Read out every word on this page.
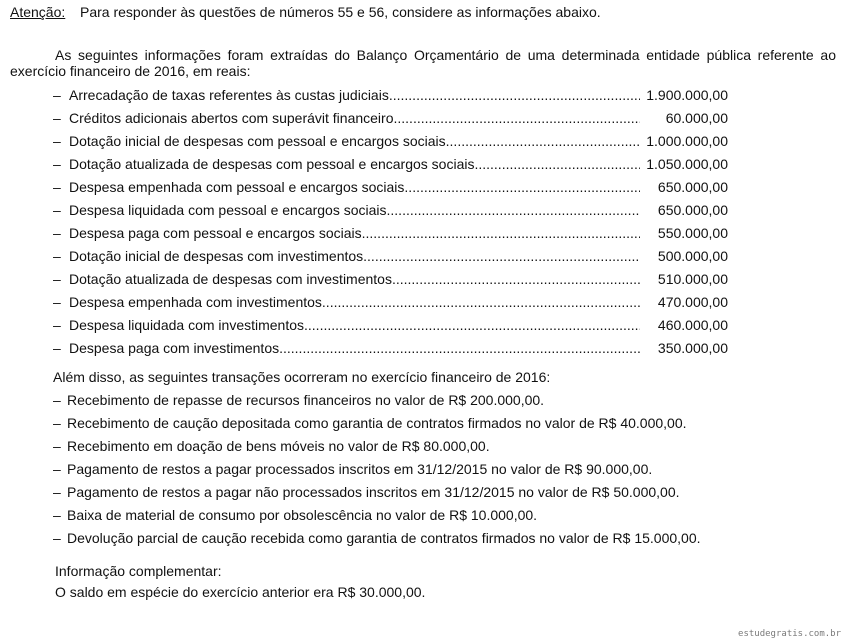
Atenção: Para responder às questões de números 55 e 56, considere as informações abaixo.

As seguintes informações foram extraídas do Balanço Orçamentário de uma determinada entidade pública referente ao

exercício financeiro de 2016, em reais:

– Arrecadação de taxas referentes às custas judiciais .....	1.900.000,00
– Créditos adicionais abertos com superávit financeiro .....	60.000,00
– Dotação inicial de despesas com pessoal e encargos sociais .....	1.000.000,00
– Dotação atualizada de despesas com pessoal e encargos sociais .....	1.050.000,00
– Despesa empenhada com pessoal e encargos sociais .....	650.000,00
– Despesa liquidada com pessoal e encargos sociais .....	650.000,00
– Despesa paga com pessoal e encargos sociais .....	550.000,00
– Dotação inicial de despesas com investimentos .....	500.000,00
– Dotação atualizada de despesas com investimentos .....	510.000,00
– Despesa empenhada com investimentos .....	470.000,00
– Despesa liquidada com investimentos .....	460.000,00
– Despesa paga com investimentos .....	350.000,00
Além disso, as seguintes transações ocorreram no exercício financeiro de 2016:
– Recebimento de repasse de recursos financeiros no valor de R$ 200.000,00.
– Recebimento de caução depositada como garantia de contratos firmados no valor de R$ 40.000,00.
– Recebimento em doação de bens móveis no valor de R$ 80.000,00.
– Pagamento de restos a pagar processados inscritos em 31/12/2015 no valor de R$ 90.000,00.
– Pagamento de restos a pagar não processados inscritos em 31/12/2015 no valor de R$ 50.000,00.
– Baixa de material de consumo por obsolescência no valor de R$ 10.000,00.
– Devolução parcial de caução recebida como garantia de contratos firmados no valor de R$ 15.000,00.
Informação complementar:
O saldo em espécie do exercício anterior era R$ 30.000,00.
estudegratis.com.br
